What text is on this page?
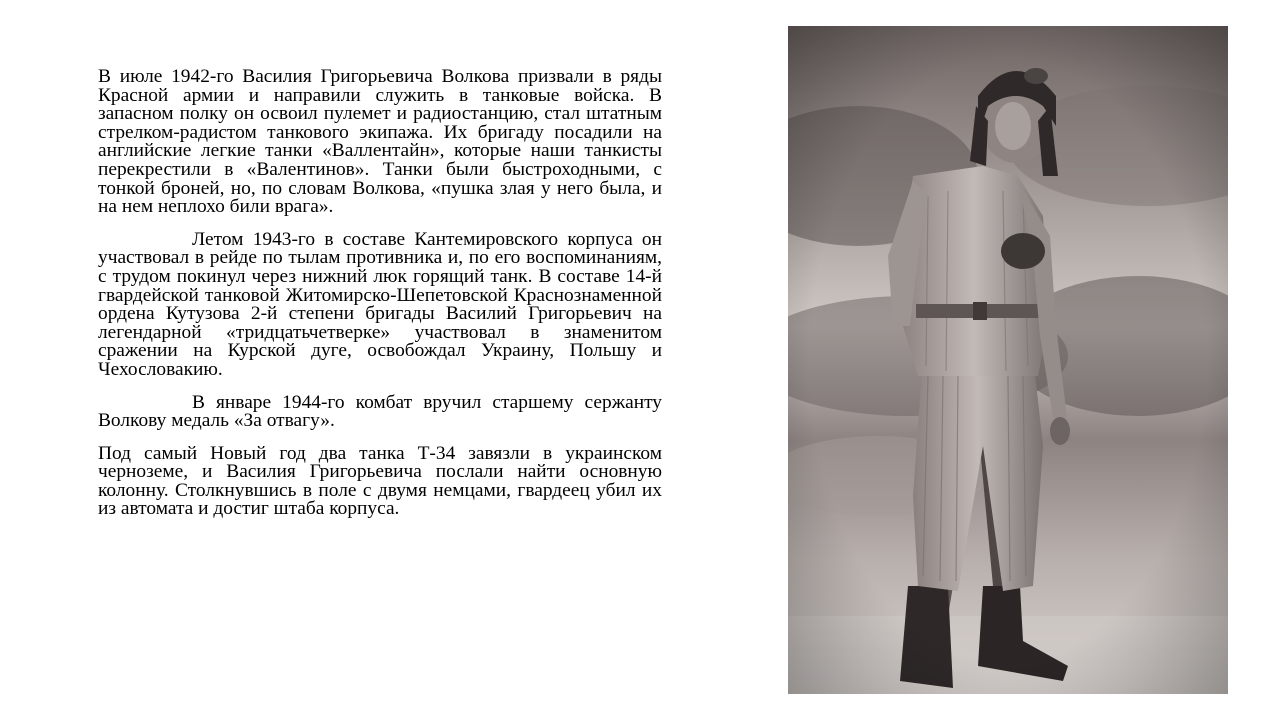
В июле 1942-го Василия Григорьевича Волкова призвали в ряды Красной армии и направили служить в танковые войска. В запасном полку он освоил пулемет и радиостанцию, стал штатным стрелком-радистом танкового экипажа. Их бригаду посадили на английские легкие танки «Валлентайн», которые наши танкисты перекрестили в «Валентинов». Танки были быстроходными, с тонкой броней, но, по словам Волкова, «пушка злая у него была, и на нем неплохо били врага».

Летом 1943-го в составе Кантемировского корпуса он участвовал в рейде по тылам противника и, по его воспоминаниям, с трудом покинул через нижний люк горящий танк. В составе 14-й гвардейской танковой Житомирско-Шепетовской Краснознаменной ордена Кутузова 2-й степени бригады Василий Григорьевич на легендарной «тридцатьчетверке» участвовал в знаменитом сражении на Курской дуге, освобождал Украину, Польшу и Чехословакию.

В январе 1944-го комбат вручил старшему сержанту Волкову медаль «За отвагу».

Под самый Новый год два танка Т-34 завязли в украинском черноземе, и Василия Григорьевича послали найти основную колонну. Столкнувшись в поле с двумя немцами, гвардеец убил их из автомата и достиг штаба корпуса.
